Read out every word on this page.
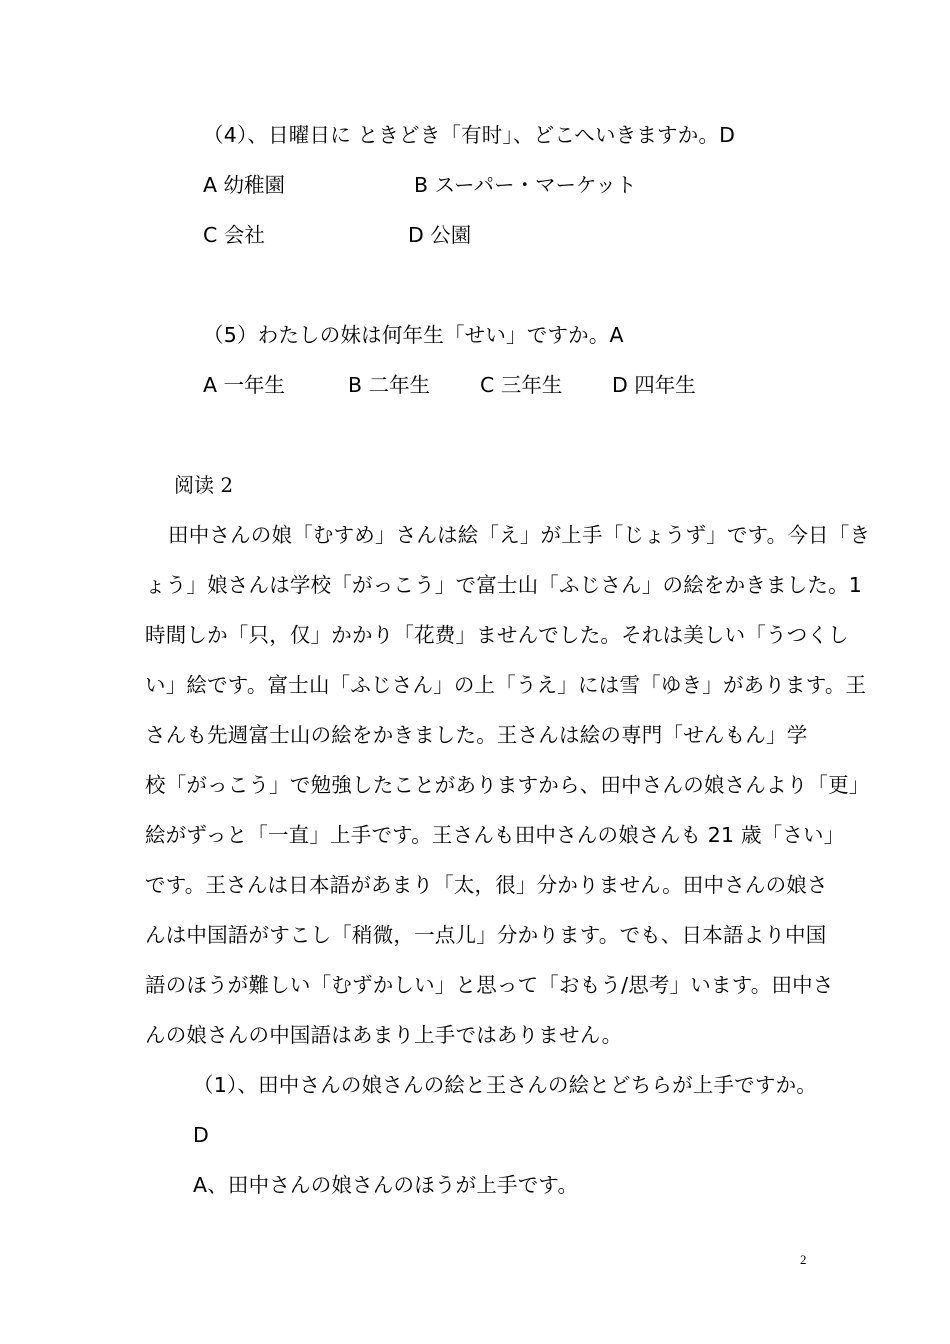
（4）、日曜日に ときどき「有时」、どこへいきますか。D
A 幼稚園	B スーパー・マーケット
C 会社	D 公園
（5）わたしの妹は何年生「せい」ですか。A
A 一年生	B 二年生 C 三年生 D 四年生
阅读 2
田中さんの娘「むすめ」さんは絵「え」が上手「じょうず」です。今日「き
ょう」娘さんは学校「がっこう」で富士山「ふじさん」の絵をかきました。1
時間しか「只，仅」かかり「花费」ませんでした。それは美しい「うつくし
い」絵です。富士山「ふじさん」の上「うえ」には雪「ゆき」があります。王
さんも先週富士山の絵をかきました。王さんは絵の専門「せんもん」学
校「がっこう」で勉強したことがありますから、田中さんの娘さんより「更」
絵がずっと「一直」上手です。王さんも田中さんの娘さんも 21 歳「さい」
です。王さんは日本語があまり「太，很」分かりません。田中さんの娘さ
んは中国語がすこし「稍微，一点儿」分かります。でも、日本語より中国
語のほうが難しい「むずかしい」と思って「おもう/思考」います。田中さ
んの娘さんの中国語はあまり上手ではありません。
（1）、田中さんの娘さんの絵と王さんの絵とどちらが上手ですか。
D
A、田中さんの娘さんのほうが上手です。
2
